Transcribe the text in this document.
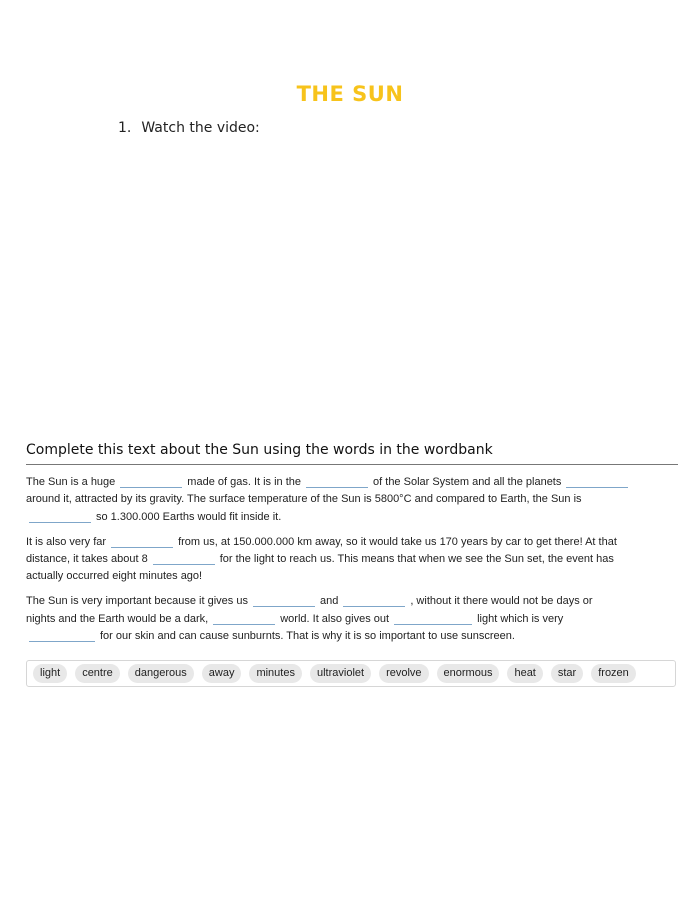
THE SUN
1. Watch the video:
Complete this text about the Sun using the words in the wordbank
The Sun is a huge	made of gas. It is in the	of the Solar System and all the planets
around it, attracted by its gravity. The surface temperature of the Sun is 5800°C and compared to Earth, the Sun is
so 1.300.000 Earths would fit inside it.
It is also very far	from us, at 150.000.000 km away, so it would take us 170 years by car to get there! At that
distance, it takes about 8	for the light to reach us. This means that when we see the Sun set, the event has
actually occurred eight minutes ago!
The Sun is very important because it gives us	and	, without it there would not be days or
nights and the Earth would be a dark,	world. It also gives out	light which is very
for our skin and can cause sunburnts. That is why it is so important to use sunscreen.
light	centre	dangerous	away	minutes	ultraviolet	revolve	enormous	heat	star	frozen
